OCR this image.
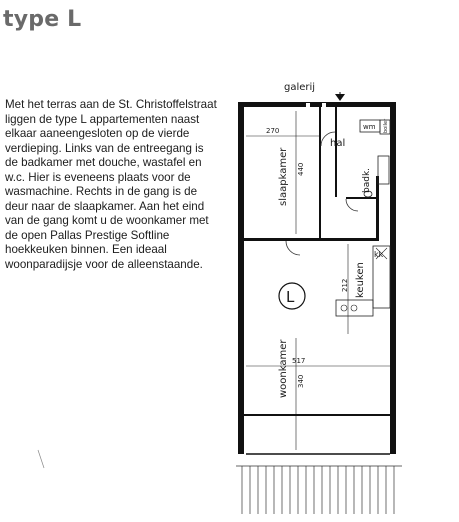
type L

Met het terras aan de St. Christoffelstraat liggen de type L appartementen naast elkaar aaneengesloten op de vierde verdieping. Links van de entreegang is de badkamer met douche, wastafel en w.c. Hier is eveneens plaats voor de wasmachine. Rechts in de gang is de deur naar de slaapkamer. Aan het eind van de gang komt u de woonkamer met de open Pallas Prestige Softline hoekkeuken binnen. Een ideaal woonparadijsje voor de alleenstaande.

galerij
wm boiler
hal
badk.
270
440
slaapkamer
kk
keuken
212
L
517
340
woonkamer
